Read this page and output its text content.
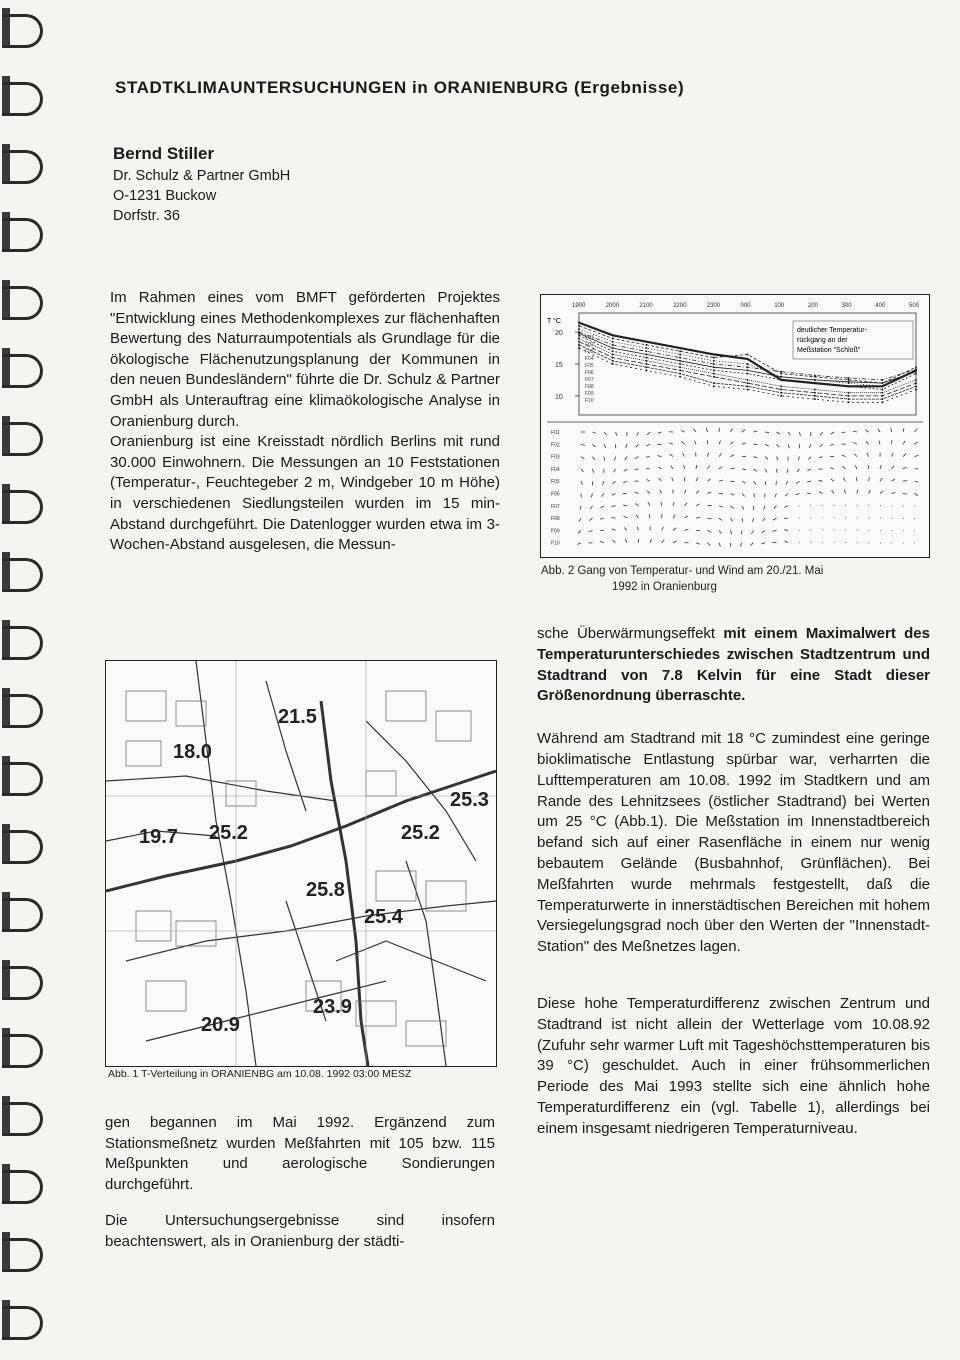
STADTKLIMAUNTERSUCHUNGEN in ORANIENBURG (Ergebnisse)
Bernd Stiller
Dr. Schulz & Partner GmbH
O-1231 Buckow
Dorfstr. 36

Im Rahmen eines vom BMFT geförderten Projektes "Entwicklung eines Methodenkomplexes zur flächenhaften Bewertung des Naturraumpotentials als Grundlage für die ökologische Flächenutzungsplanung der Kommunen in den neuen Bundesländern" führte die Dr. Schulz & Partner GmbH als Unterauftrag eine klimaökologische Analyse in Oranienburg durch.

Oranienburg ist eine Kreisstadt nördlich Berlins mit rund 30.000 Einwohnern. Die Messungen an 10 Feststationen (Temperatur-, Feuchtegeber 2 m, Windgeber 10 m Höhe) in verschiedenen Siedlungsteilen wurden im 15 min-Abstand durchgeführt. Die Datenlogger wurden etwa im 3-Wochen-Abstand ausgelesen, die Messun-

21.5
18.0
25.3
19.7 25.2	25.2
25.8
25.4
23.9
20.9
Abb. 1 T-Verteilung in ORANIENBG am 10.08. 1992 03:00 MESZ

gen begannen im Mai 1992. Ergänzend zum Stationsmeßnetz wurden Meßfahrten mit 105 bzw. 115 Meßpunkten und aerologische Sondierungen durchgeführt.

Die Untersuchungsergebnisse sind insofern beachtenswert, als in Oranienburg der städti-

T °C
1900	2000	2100	2200	2300	000	100	200	300	400	500
20
15
10
F01
F02
F03
F04
F05
F06
F07
F08
F09
F10
F01
F02
F03
F04
F05
F06
F07
F08
F09
F10
deutlicher Temperatur-
rückgang an der
Meßstation "Schloß"
Abb. 2 Gang von Temperatur- und Wind am 20./21. Mai
1992 in Oranienburg

sche Überwärmungseffekt mit einem Maximalwert des Temperaturunterschiedes zwischen Stadtzentrum und Stadtrand von 7.8 Kelvin für eine Stadt dieser Größenordnung überraschte.

Während am Stadtrand mit 18 °C zumindest eine geringe bioklimatische Entlastung spürbar war, verharrten die Lufttemperaturen am 10.08. 1992 im Stadtkern und am Rande des Lehnitzsees (östlicher Stadtrand) bei Werten um 25 °C (Abb.1). Die Meßstation im Innenstadtbereich befand sich auf einer Rasenfläche in einem nur wenig bebautem Gelände (Busbahnhof, Grünflächen). Bei Meßfahrten wurde mehrmals festgestellt, daß die Temperaturwerte in innerstädtischen Bereichen mit hohem Versiegelungsgrad noch über den Werten der "Innenstadt-Station" des Meßnetzes lagen.

Diese hohe Temperaturdifferenz zwischen Zentrum und Stadtrand ist nicht allein der Wetterlage vom 10.08.92 (Zufuhr sehr warmer Luft mit Tageshöchsttemperaturen bis 39 °C) geschuldet. Auch in einer frühsommerlichen Periode des Mai 1993 stellte sich eine ähnlich hohe Temperaturdifferenz ein (vgl. Tabelle 1), allerdings bei einem insgesamt niedrigeren Temperaturniveau.
